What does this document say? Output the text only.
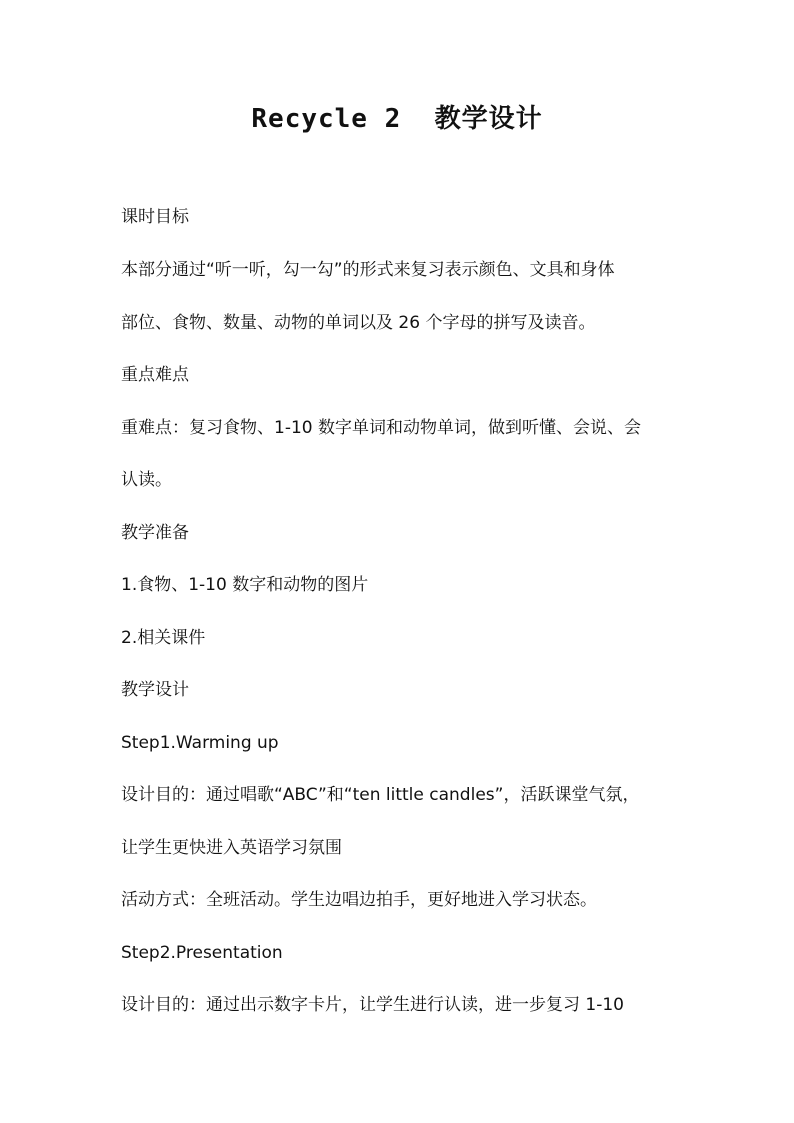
Recycle 2  教学设计
课时目标
本部分通过“听一听，勾一勾”的形式来复习表示颜色、文具和身体
部位、食物、数量、动物的单词以及 26 个字母的拼写及读音。
重点难点
重难点：复习食物、1-10 数字单词和动物单词，做到听懂、会说、会
认读。
教学准备
1.食物、1-10 数字和动物的图片
2.相关课件
教学设计
Step1.Warming up
设计目的：通过唱歌“ABC”和“ten little candles”，活跃课堂气氛，
让学生更快进入英语学习氛围
活动方式：全班活动。学生边唱边拍手，更好地进入学习状态。
Step2.Presentation
设计目的：通过出示数字卡片，让学生进行认读，进一步复习 1-10
